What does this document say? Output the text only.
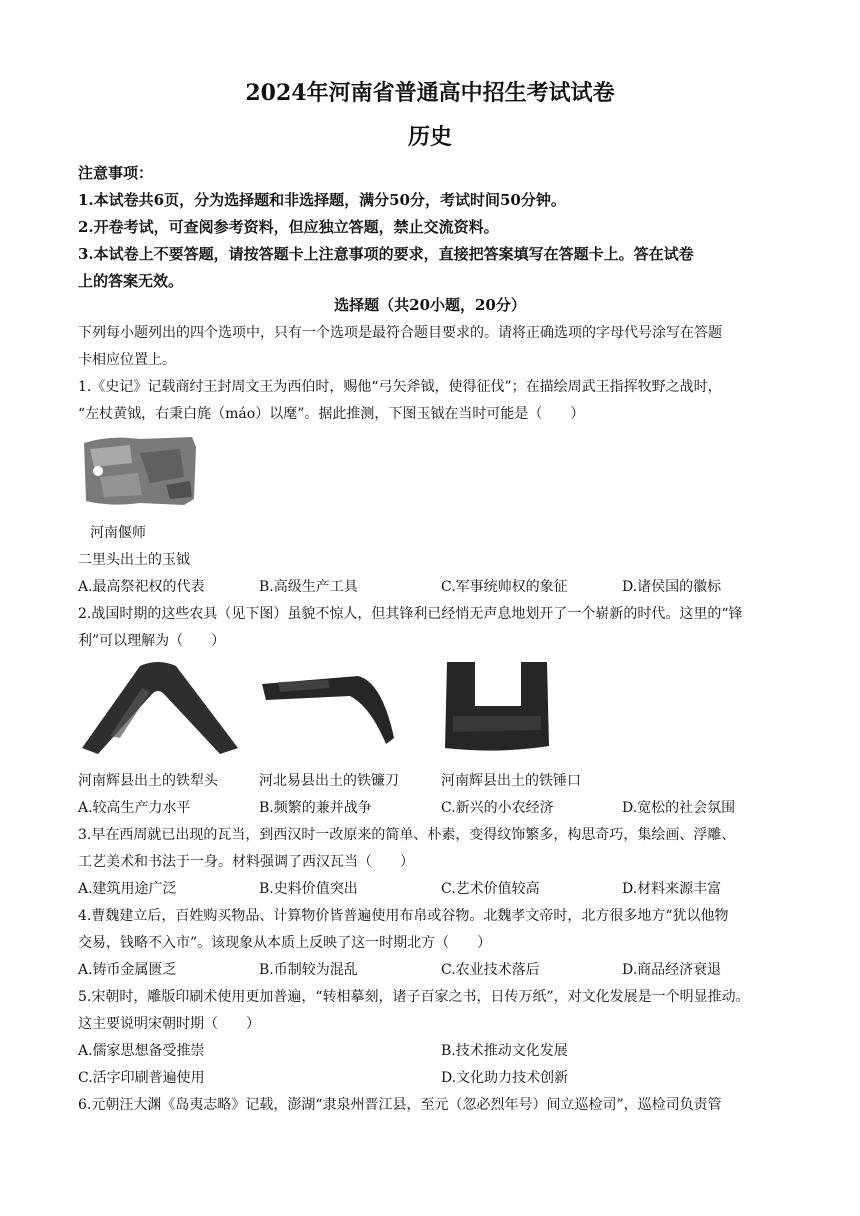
2024年河南省普通高中招生考试试卷
历史
注意事项：
1.本试卷共6页，分为选择题和非选择题，满分50分，考试时间50分钟。
2.开卷考试，可查阅参考资料，但应独立答题，禁止交流资料。
3.本试卷上不要答题，请按答题卡上注意事项的要求，直接把答案填写在答题卡上。答在试卷
上的答案无效。
选择题（共20小题，20分）
下列每小题列出的四个选项中，只有一个选项是最符合题目要求的。请将正确选项的字母代号涂写在答题
卡相应位置上。
1.《史记》记载商纣王封周文王为西伯时，赐他“弓矢斧钺，使得征伐”；在描绘周武王指挥牧野之战时，
“左杖黄钺，右秉白旄（máo）以麾”。据此推测，下图玉钺在当时可能是（　　）
河南偃师
二里头出土的玉钺
A.最高祭祀权的代表	B.高级生产工具	C.军事统帅权的象征	D.诸侯国的徽标
2.战国时期的这些农具（见下图）虽貌不惊人，但其锋利已经悄无声息地划开了一个崭新的时代。这里的“锋
利”可以理解为（　　）
河南辉县出土的铁犁头	河北易县出土的铁镰刀	河南辉县出土的铁锤口
A.较高生产力水平	B.频繁的兼并战争	C.新兴的小农经济	D.宽松的社会氛围
3.早在西周就已出现的瓦当，到西汉时一改原来的简单、朴素，变得纹饰繁多，构思奇巧，集绘画、浮雕、
工艺美术和书法于一身。材料强调了西汉瓦当（　　）
A.建筑用途广泛	B.史料价值突出	C.艺术价值较高	D.材料来源丰富
4.曹魏建立后，百姓购买物品、计算物价皆普遍使用布帛或谷物。北魏孝文帝时，北方很多地方“犹以他物
交易，钱略不入市”。该现象从本质上反映了这一时期北方（　　）
A.铸币金属匮乏	B.币制较为混乱	C.农业技术落后	D.商品经济衰退
5.宋朝时，雕版印刷术使用更加普遍，“转相摹刻，诸子百家之书，日传万纸”，对文化发展是一个明显推动。
这主要说明宋朝时期（　　）
A.儒家思想备受推崇	B.技术推动文化发展
C.活字印刷普遍使用	D.文化助力技术创新
6.元朝汪大渊《岛夷志略》记载，澎湖“隶泉州晋江县，至元（忽必烈年号）间立巡检司”，巡检司负责管
